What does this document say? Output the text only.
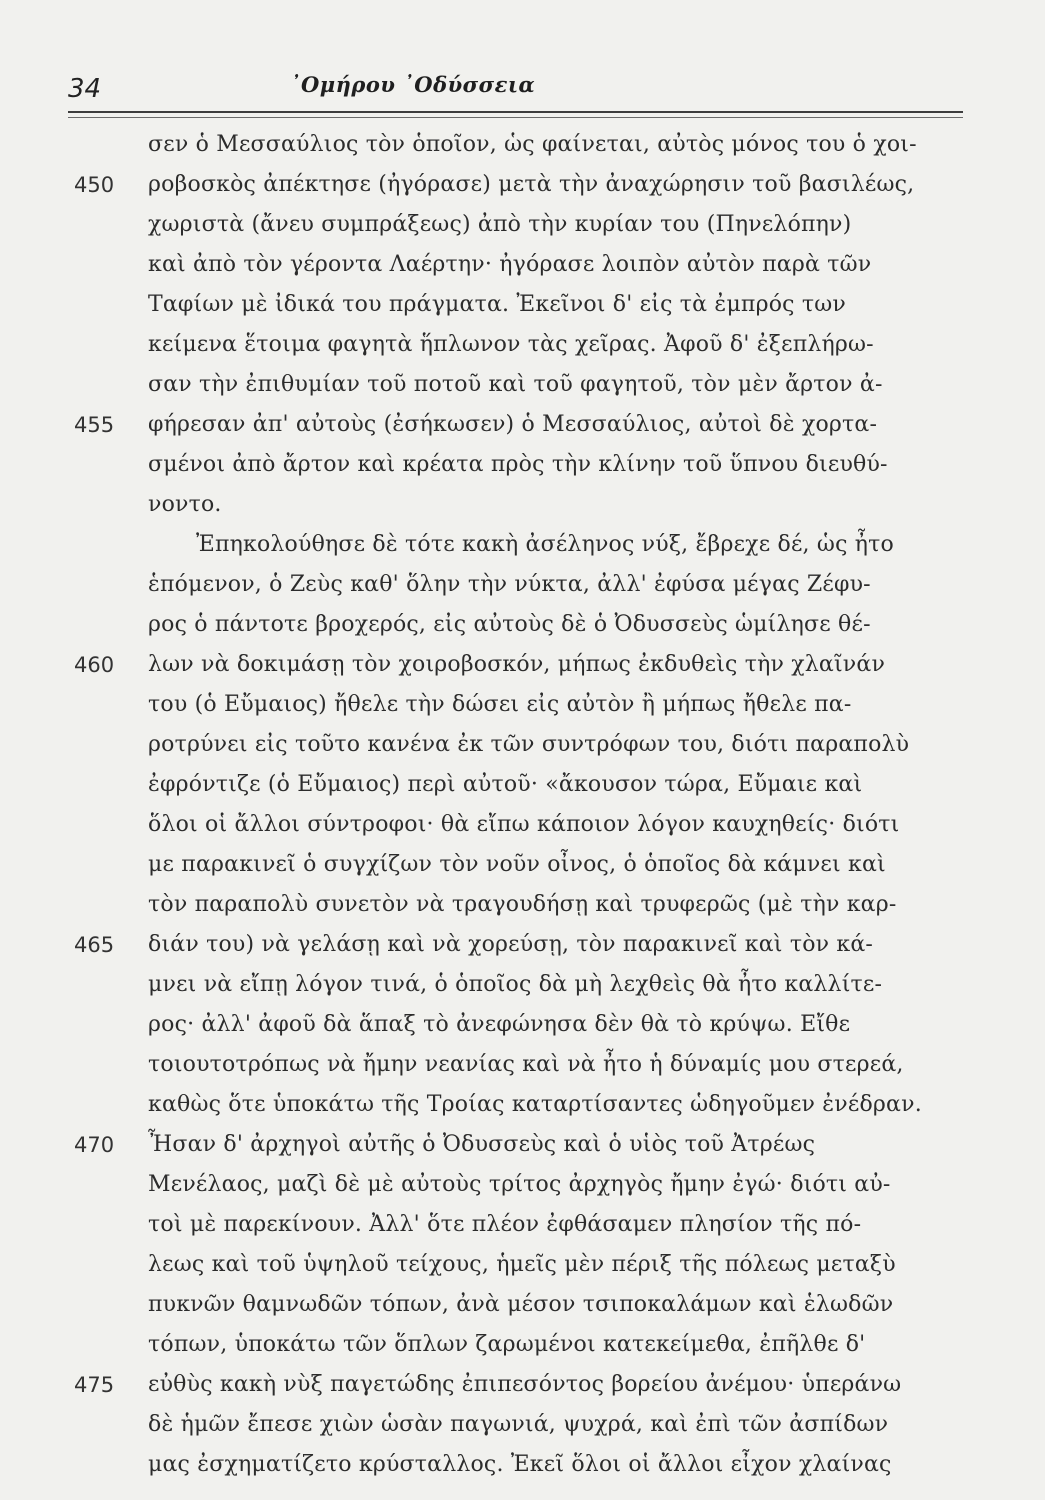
34	᾿Ομήρου ᾿Οδύσσεια
σεν ὁ Μεσσαύλιος τὸν ὁποῖον, ὡς φαίνεται, αὐτὸς μόνος του ὁ χοι-
450 ροβοσκὸς ἀπέκτησε (ἠγόρασε) μετὰ τὴν ἀναχώρησιν τοῦ βασιλέως,
χωριστὰ (ἄνευ συμπράξεως) ἀπὸ τὴν κυρίαν του (Πηνελόπην)
καὶ ἀπὸ τὸν γέροντα Λαέρτην· ἠγόρασε λοιπὸν αὐτὸν παρὰ τῶν
Ταφίων μὲ ἰδικά του πράγματα. Ἐκεῖνοι δ' εἰς τὰ ἐμπρός των
κείμενα ἕτοιμα φαγητὰ ἥπλωνον τὰς χεῖρας. Ἀφοῦ δ' ἐξεπλήρω-
σαν τὴν ἐπιθυμίαν τοῦ ποτοῦ καὶ τοῦ φαγητοῦ, τὸν μὲν ἄρτον ἀ-
455 φήρεσαν ἀπ' αὐτοὺς (ἐσήκωσεν) ὁ Μεσσαύλιος, αὐτοὶ δὲ χορτα-
σμένοι ἀπὸ ἄρτον καὶ κρέατα πρὸς τὴν κλίνην τοῦ ὕπνου διευθύ-
νοντο.
Ἐπηκολούθησε δὲ τότε κακὴ ἀσέληνος νύξ, ἔβρεχε δέ, ὡς ἦτο
ἑπόμενον, ὁ Ζεὺς καθ' ὅλην τὴν νύκτα, ἀλλ' ἐφύσα μέγας Ζέφυ-
ρος ὁ πάντοτε βροχερός, εἰς αὐτοὺς δὲ ὁ Ὀδυσσεὺς ὡμίλησε θέ-
460 λων νὰ δοκιμάσῃ τὸν χοιροβοσκόν, μήπως ἐκδυθεὶς τὴν χλαῖνάν
του (ὁ Εὔμαιος) ἤθελε τὴν δώσει εἰς αὐτὸν ἢ μήπως ἤθελε πα-
ροτρύνει εἰς τοῦτο κανένα ἐκ τῶν συντρόφων του, διότι παραπολὺ
ἐφρόντιζε (ὁ Εὔμαιος) περὶ αὐτοῦ· «ἄκουσον τώρα, Εὔμαιε καὶ
ὅλοι οἱ ἄλλοι σύντροφοι· θὰ εἴπω κάποιον λόγον καυχηθείς· διότι
με παρακινεῖ ὁ συγχίζων τὸν νοῦν οἶνος, ὁ ὁποῖος δὰ κάμνει καὶ
τὸν παραπολὺ συνετὸν νὰ τραγουδήσῃ καὶ τρυφερῶς (μὲ τὴν καρ-
465 διάν του) νὰ γελάσῃ καὶ νὰ χορεύσῃ, τὸν παρακινεῖ καὶ τὸν κά-
μνει νὰ εἴπῃ λόγον τινά, ὁ ὁποῖος δὰ μὴ λεχθεὶς θὰ ἦτο καλλίτε-
ρος· ἀλλ' ἀφοῦ δὰ ἅπαξ τὸ ἀνεφώνησα δὲν θὰ τὸ κρύψω. Εἴθε
τοιουτοτρόπως νὰ ἤμην νεανίας καὶ νὰ ἦτο ἡ δύναμίς μου στερεά,
καθὼς ὅτε ὑποκάτω τῆς Τροίας καταρτίσαντες ὡδηγοῦμεν ἐνέδραν.
470 Ἦσαν δ' ἀρχηγοὶ αὐτῆς ὁ Ὀδυσσεὺς καὶ ὁ υἱὸς τοῦ Ἀτρέως
Μενέλαος, μαζὶ δὲ μὲ αὐτοὺς τρίτος ἀρχηγὸς ἤμην ἐγώ· διότι αὐ-
τοὶ μὲ παρεκίνουν. Ἀλλ' ὅτε πλέον ἐφθάσαμεν πλησίον τῆς πό-
λεως καὶ τοῦ ὑψηλοῦ τείχους, ἡμεῖς μὲν πέριξ τῆς πόλεως μεταξὺ
πυκνῶν θαμνωδῶν τόπων, ἀνὰ μέσον τσιποκαλάμων καὶ ἑλωδῶν
τόπων, ὑποκάτω τῶν ὅπλων ζαρωμένοι κατεκείμεθα, ἐπῆλθε δ'
475 εὐθὺς κακὴ νὺξ παγετώδης ἐπιπεσόντος βορείου ἀνέμου· ὑπεράνω
δὲ ἡμῶν ἔπεσε χιὼν ὡσὰν παγωνιά, ψυχρά, καὶ ἐπὶ τῶν ἀσπίδων
μας ἐσχηματίζετο κρύσταλλος. Ἐκεῖ ὅλοι οἱ ἄλλοι εἶχον χλαίνας
